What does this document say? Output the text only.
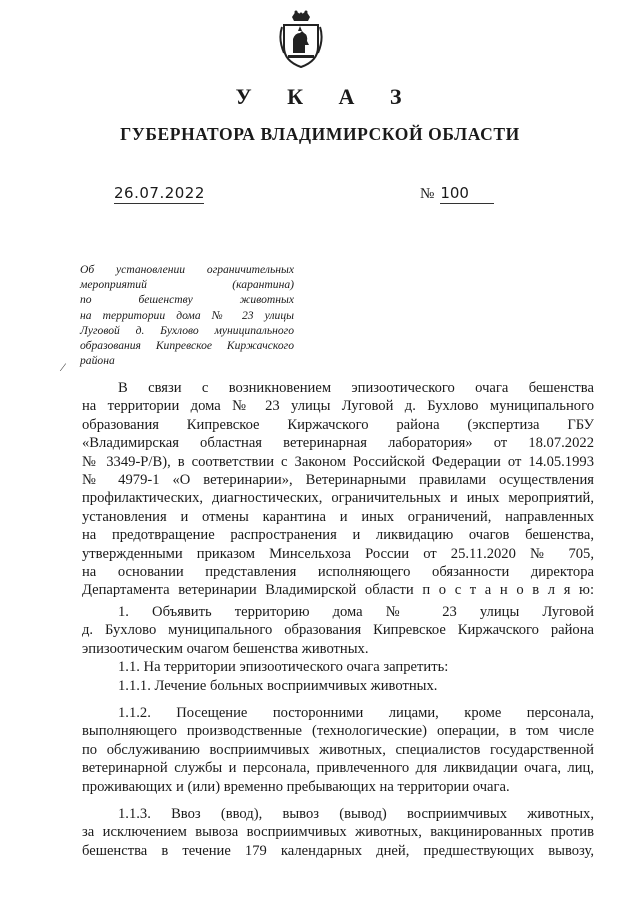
У К А З
ГУБЕРНАТОРА ВЛАДИМИРСКОЙ ОБЛАСТИ
26.07.2022	№ 100
Об установлении ограничительных
мероприятий (карантина)
по бешенству животных
на территории дома № 23 улицы
Луговой д. Бухлово муниципального
образования Кипревское Киржачского
района
⁄
В связи с возникновением эпизоотического очага бешенства
на территории дома № 23 улицы Луговой д. Бухлово муниципального
образования Кипревское Киржачского района (экспертиза ГБУ
«Владимирская областная ветеринарная лаборатория» от 18.07.2022
№ 3349-Р/В), в соответствии с Законом Российской Федерации от 14.05.1993
№ 4979-1 «О ветеринарии», Ветеринарными правилами осуществления
профилактических, диагностических, ограничительных и иных мероприятий,
установления и отмены карантина и иных ограничений, направленных
на предотвращение распространения и ликвидацию очагов бешенства,
утвержденными приказом Минсельхоза России от 25.11.2020 № 705,
на основании представления исполняющего обязанности директора
Департамента ветеринарии Владимирской области п о с т а н о в л я ю:
1. Объявить территорию дома № 23 улицы Луговой
д. Бухлово муниципального образования Кипревское Киржачского района
эпизоотическим очагом бешенства животных.
1.1. На территории эпизоотического очага запретить:
1.1.1. Лечение больных восприимчивых животных.
1.1.2. Посещение посторонними лицами, кроме персонала,
выполняющего производственные (технологические) операции, в том числе
по обслуживанию восприимчивых животных, специалистов государственной
ветеринарной службы и персонала, привлеченного для ликвидации очага, лиц,
проживающих и (или) временно пребывающих на территории очага.
1.1.3. Ввоз (ввод), вывоз (вывод) восприимчивых животных,
за исключением вывоза восприимчивых животных, вакцинированных против
бешенства в течение 179 календарных дней, предшествующих вывозу,
